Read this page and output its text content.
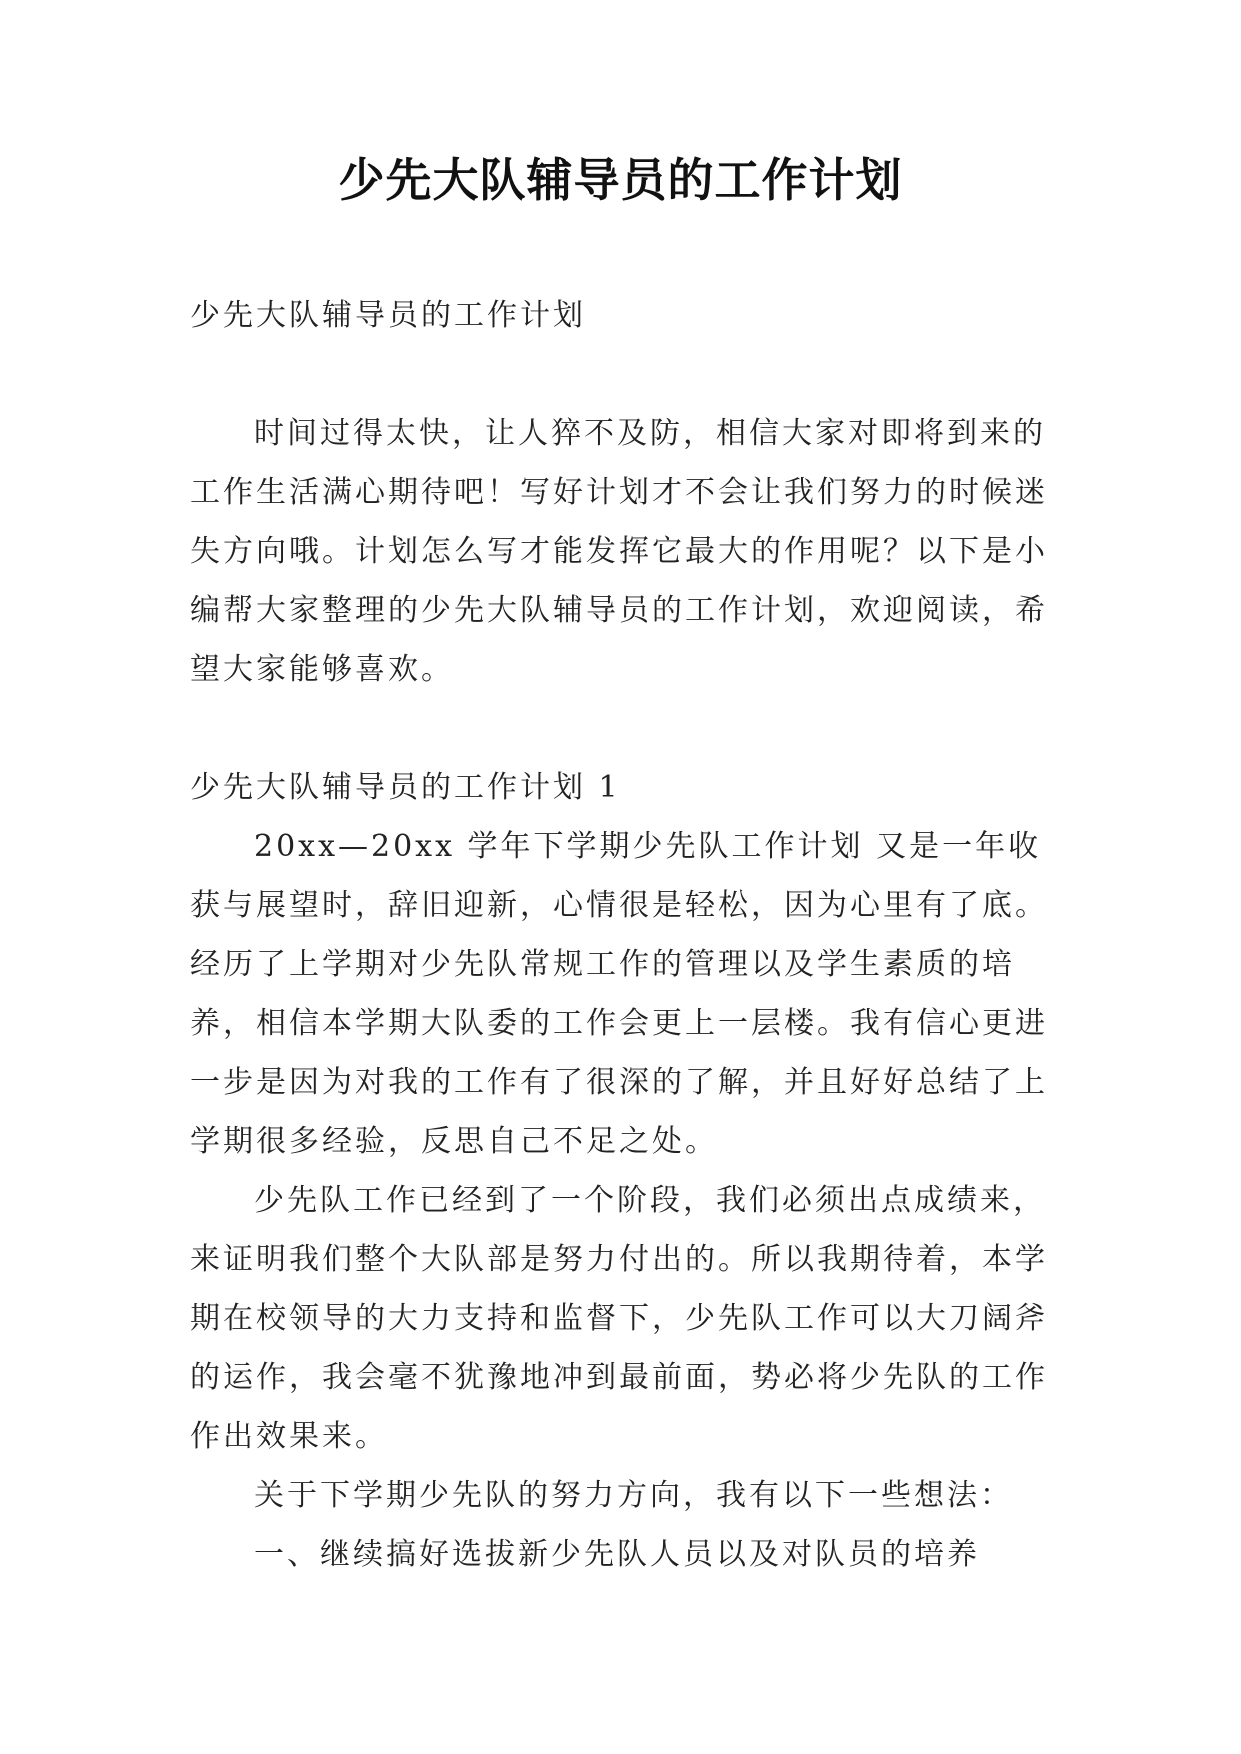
少先大队辅导员的工作计划

少先大队辅导员的工作计划

时间过得太快，让人猝不及防，相信大家对即将到来的工作生活满心期待吧！写好计划才不会让我们努力的时候迷失方向哦。计划怎么写才能发挥它最大的作用呢？以下是小编帮大家整理的少先大队辅导员的工作计划，欢迎阅读，希望大家能够喜欢。

少先大队辅导员的工作计划 1

20xx—20xx 学年下学期少先队工作计划 又是一年收获与展望时，辞旧迎新，心情很是轻松，因为心里有了底。经历了上学期对少先队常规工作的管理以及学生素质的培养，相信本学期大队委的工作会更上一层楼。我有信心更进一步是因为对我的工作有了很深的了解，并且好好总结了上学期很多经验，反思自己不足之处。

少先队工作已经到了一个阶段，我们必须出点成绩来，来证明我们整个大队部是努力付出的。所以我期待着，本学期在校领导的大力支持和监督下，少先队工作可以大刀阔斧的运作，我会毫不犹豫地冲到最前面，势必将少先队的工作作出效果来。

关于下学期少先队的努力方向，我有以下一些想法：

一、继续搞好选拔新少先队人员以及对队员的培养
